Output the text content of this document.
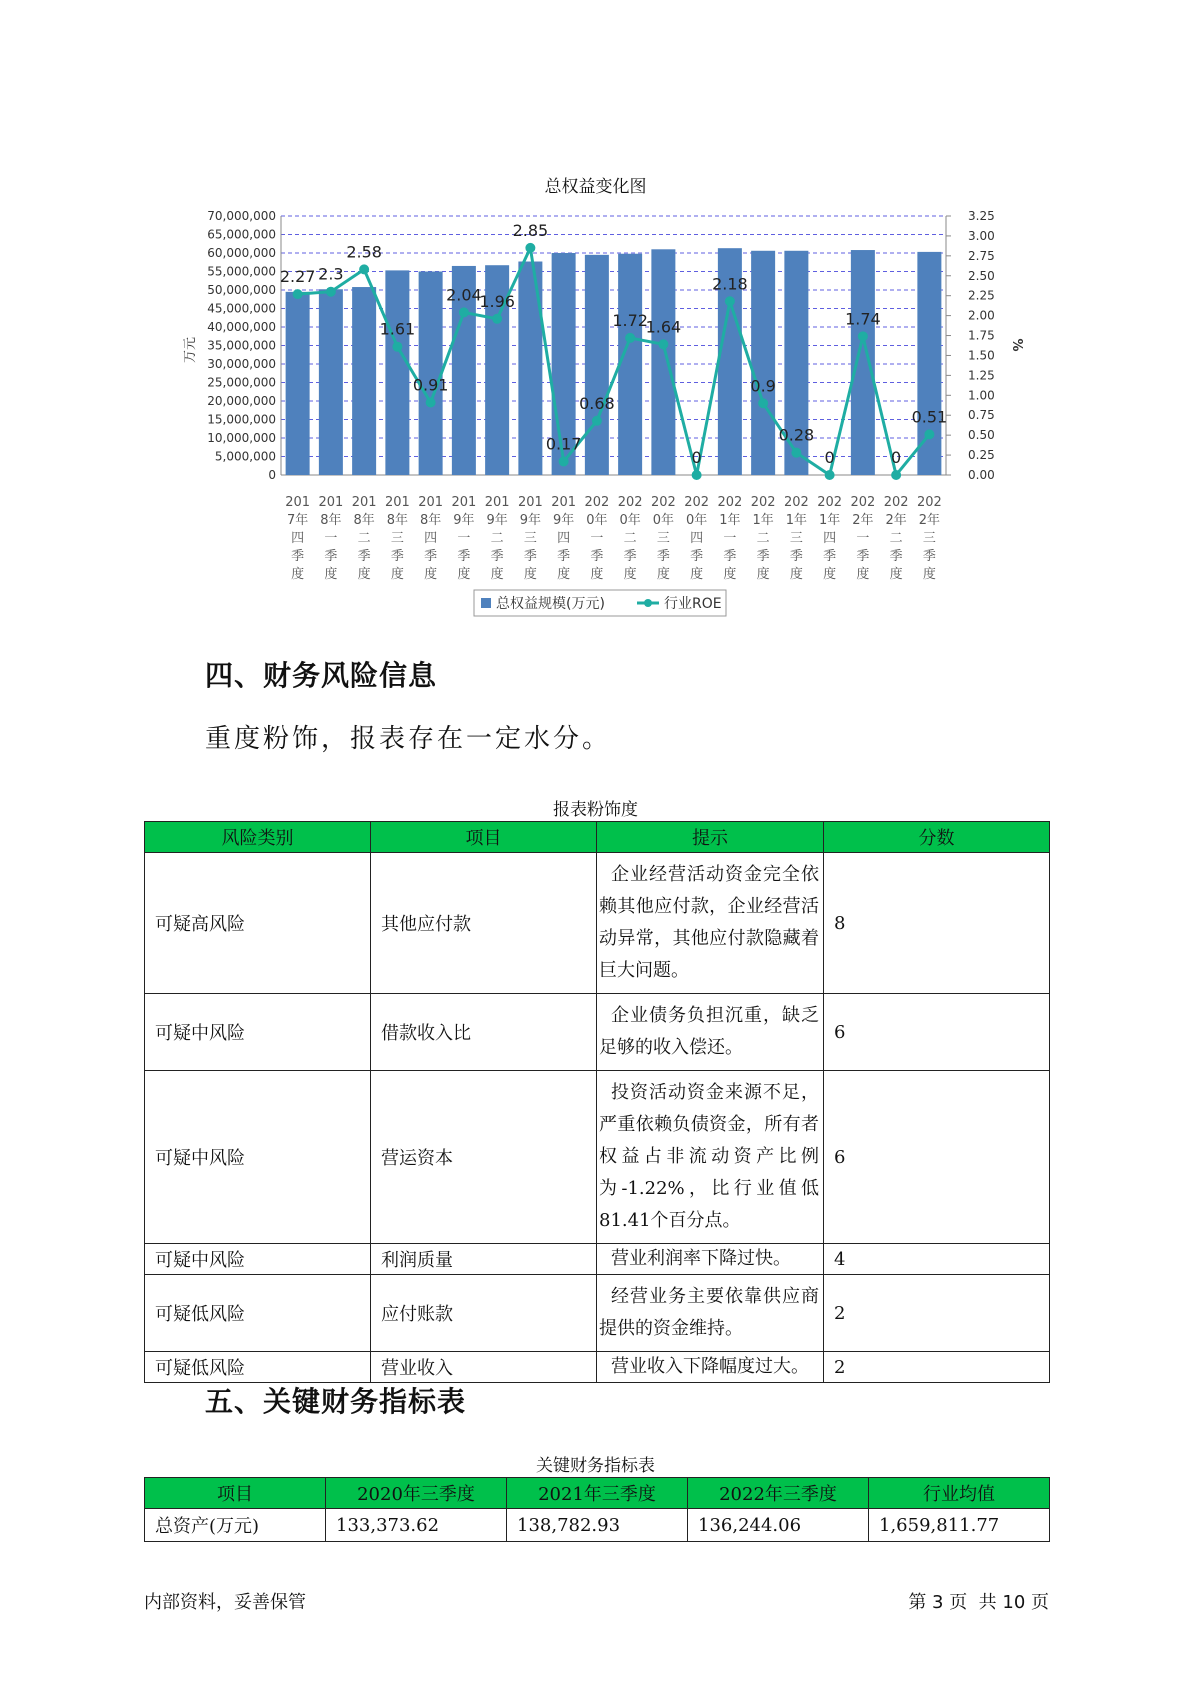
总权益变化图
70,000,000
65,000,000
60,000,000
55,000,000
50,000,000
45,000,000
40,000,000
35,000,000
30,000,000
25,000,000
20,000,000
15,000,000
10,000,000
5,000,000
0
3.25
3.00
2.75
2.50
2.25
2.00
1.75
1.50
1.25
1.00
0.75
0.50
0.25
0.00
2.27 2.3
2.58
1.61
0.91
2.04
1.96
2.85
0.17
0.68
1.72
1.64
0
2.18
0.9
0.28
0
1.74
0
0.51
201
7年
四
季
度
201
8年
一
季
度
201
8年
二
季
度
201
8年
三
季
度
201
8年
四
季
度
201
9年
一
季
度
201
9年
二
季
度
201
9年
三
季
度
201
9年
四
季
度
202
0年
一
季
度
202
0年
二
季
度
202
0年
三
季
度
202
0年
四
季
度
202
1年
一
季
度
202
1年
二
季
度
202
1年
三
季
度
202
1年
四
季
度
202
2年
一
季
度
202
2年
二
季
度
202
2年
三
季
度
万元	%
总权益规模(万元)	行业ROE
四、财务风险信息
重度粉饰，报表存在一定水分。
报表粉饰度
风险类别	项目	提示	分数
可疑高风险	其他应付款	企业经营活动资金完全依赖其他应付款，企业经营活动异常，其他应付款隐藏着巨大问题。	8
可疑中风险	借款收入比	企业债务负担沉重，缺乏足够的收入偿还。	6
可疑中风险	营运资本	投资活动资金来源不足，严重依赖负债资金，所有者权益占非流动资产比例为-1.22%，比行业值低81.41个百分点。	6
可疑中风险	利润质量	营业利润率下降过快。	4
可疑低风险	应付账款	经营业务主要依靠供应商提供的资金维持。	2
可疑低风险	营业收入	营业收入下降幅度过大。	2
五、关键财务指标表
关键财务指标表
项目	2020年三季度	2021年三季度	2022年三季度	行业均值
总资产(万元)	133,373.62	138,782.93	136,244.06	1,659,811.77
内部资料，妥善保管	第 3 页  共 10 页
